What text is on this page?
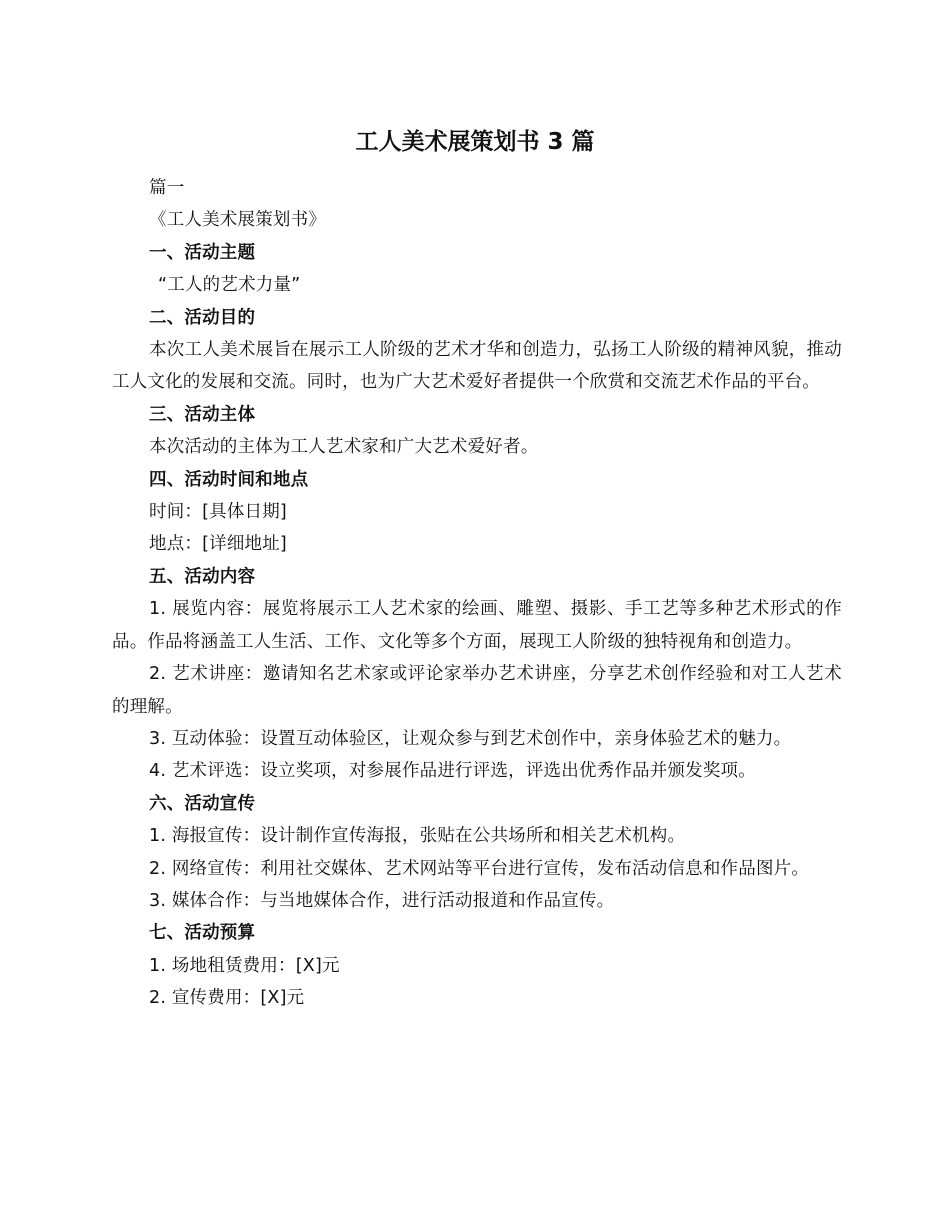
工人美术展策划书 3 篇

篇一

《工人美术展策划书》

一、活动主题

“工人的艺术力量”

二、活动目的

本次工人美术展旨在展示工人阶级的艺术才华和创造力，弘扬工人阶级的精神风貌，推动工人文化的发展和交流。同时，也为广大艺术爱好者提供一个欣赏和交流艺术作品的平台。

三、活动主体

本次活动的主体为工人艺术家和广大艺术爱好者。

四、活动时间和地点

时间：[具体日期]

地点：[详细地址]

五、活动内容

1. 展览内容：展览将展示工人艺术家的绘画、雕塑、摄影、手工艺等多种艺术形式的作品。作品将涵盖工人生活、工作、文化等多个方面，展现工人阶级的独特视角和创造力。

2. 艺术讲座：邀请知名艺术家或评论家举办艺术讲座，分享艺术创作经验和对工人艺术的理解。

3. 互动体验：设置互动体验区，让观众参与到艺术创作中，亲身体验艺术的魅力。

4. 艺术评选：设立奖项，对参展作品进行评选，评选出优秀作品并颁发奖项。

六、活动宣传

1. 海报宣传：设计制作宣传海报，张贴在公共场所和相关艺术机构。

2. 网络宣传：利用社交媒体、艺术网站等平台进行宣传，发布活动信息和作品图片。

3. 媒体合作：与当地媒体合作，进行活动报道和作品宣传。

七、活动预算

1. 场地租赁费用：[X]元

2. 宣传费用：[X]元
